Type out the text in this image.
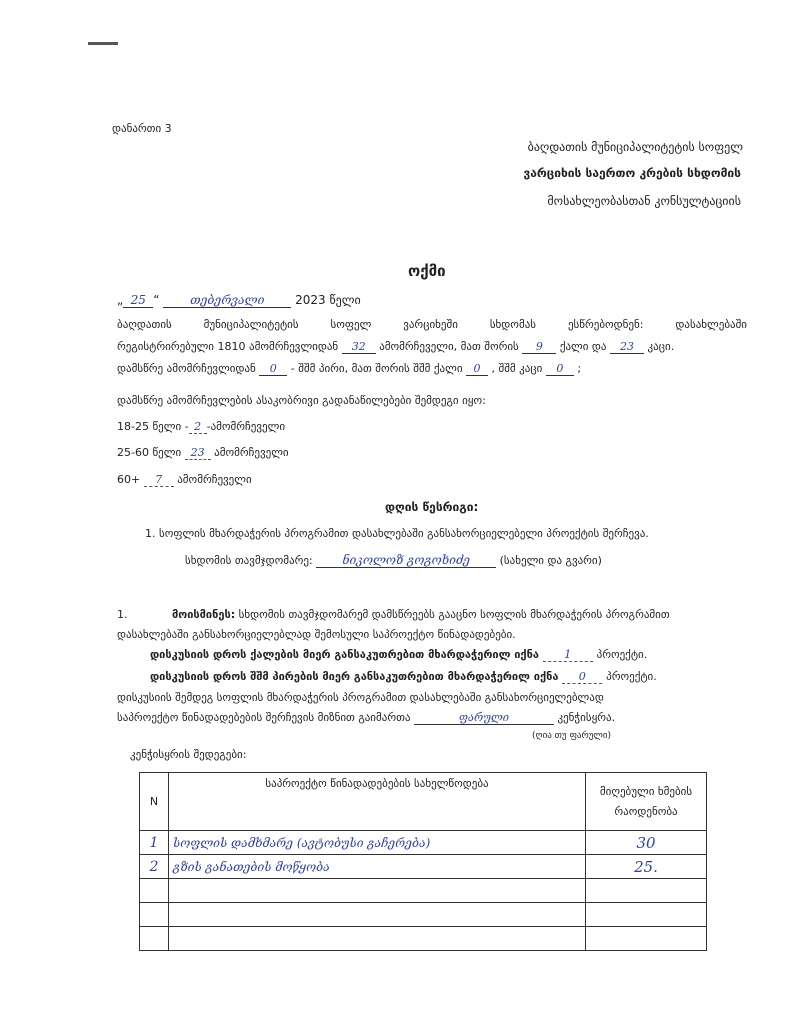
დანართი 3
ბაღდათის მუნიციპალიტეტის სოფელ
ვარციხის საერთო კრების სხდომის
მოსახლეობასთან კონსულტაციის
ოქმი
„ 25 “	თებერვალი	2023 წელი
ბაღდათის მუნიციპალიტეტის სოფელ ვარციხეში სხდომას ესწრებოდნენ: დასახლებაში
რეგისტრირებული 1810 ამომრჩევლიდან 32 ამომრჩეველი, მათ შორის 9 ქალი და 23 კაცი.
დამსწრე ამომრჩევლიდან 0 - შშმ პირი, მათ შორის შშმ ქალი 0 , შშმ კაცი 0 ;
დამსწრე ამომრჩევლების ასაკობრივი გადანაწილებები შემდეგი იყო:
18-25 წელი - 2 -ამომრჩეველი
25-60 წელი 23 ამომრჩეველი
60+ 7 ამომრჩეველი
დღის წესრიგი:
1. სოფლის მხარდაჭერის პროგრამით დასახლებაში განსახორციელებელი პროექტის შერჩევა.
სხდომის თავმჯდომარე: ნიკოლოზ გოგოხიძე	(სახელი და გვარი)
1.	მოისმინეს: სხდომის თავმჯდომარემ დამსწრეებს გააცნო სოფლის მხარდაჭერის პროგრამით
დასახლებაში განსახორციელებლად შემოსული საპროექტო წინადადებები.
დისკუსიის დროს ქალების მიერ განსაკუთრებით მხარდაჭერილ იქნა 1 პროექტი.
დისკუსიის დროს შშმ პირების მიერ განსაკუთრებით მხარდაჭერილ იქნა 0 პროექტი.
დისკუსიის შემდეგ სოფლის მხარდაჭერის პროგრამით დასახლებაში განსახორციელებლად
საპროექტო წინადადებების შერჩევის მიზნით გაიმართა	ფარული	კენჭისყრა.
(ღია თუ ფარული)
კენჭისყრის შედეგები:
N	საპროექტო წინადადებების სახელწოდება	მიღებული ხმების
რაოდენობა

1	სოფლის დამხმარე (ავტობუსი გაჩერება)	30
2	გზის განათების მოწყობა	25.
